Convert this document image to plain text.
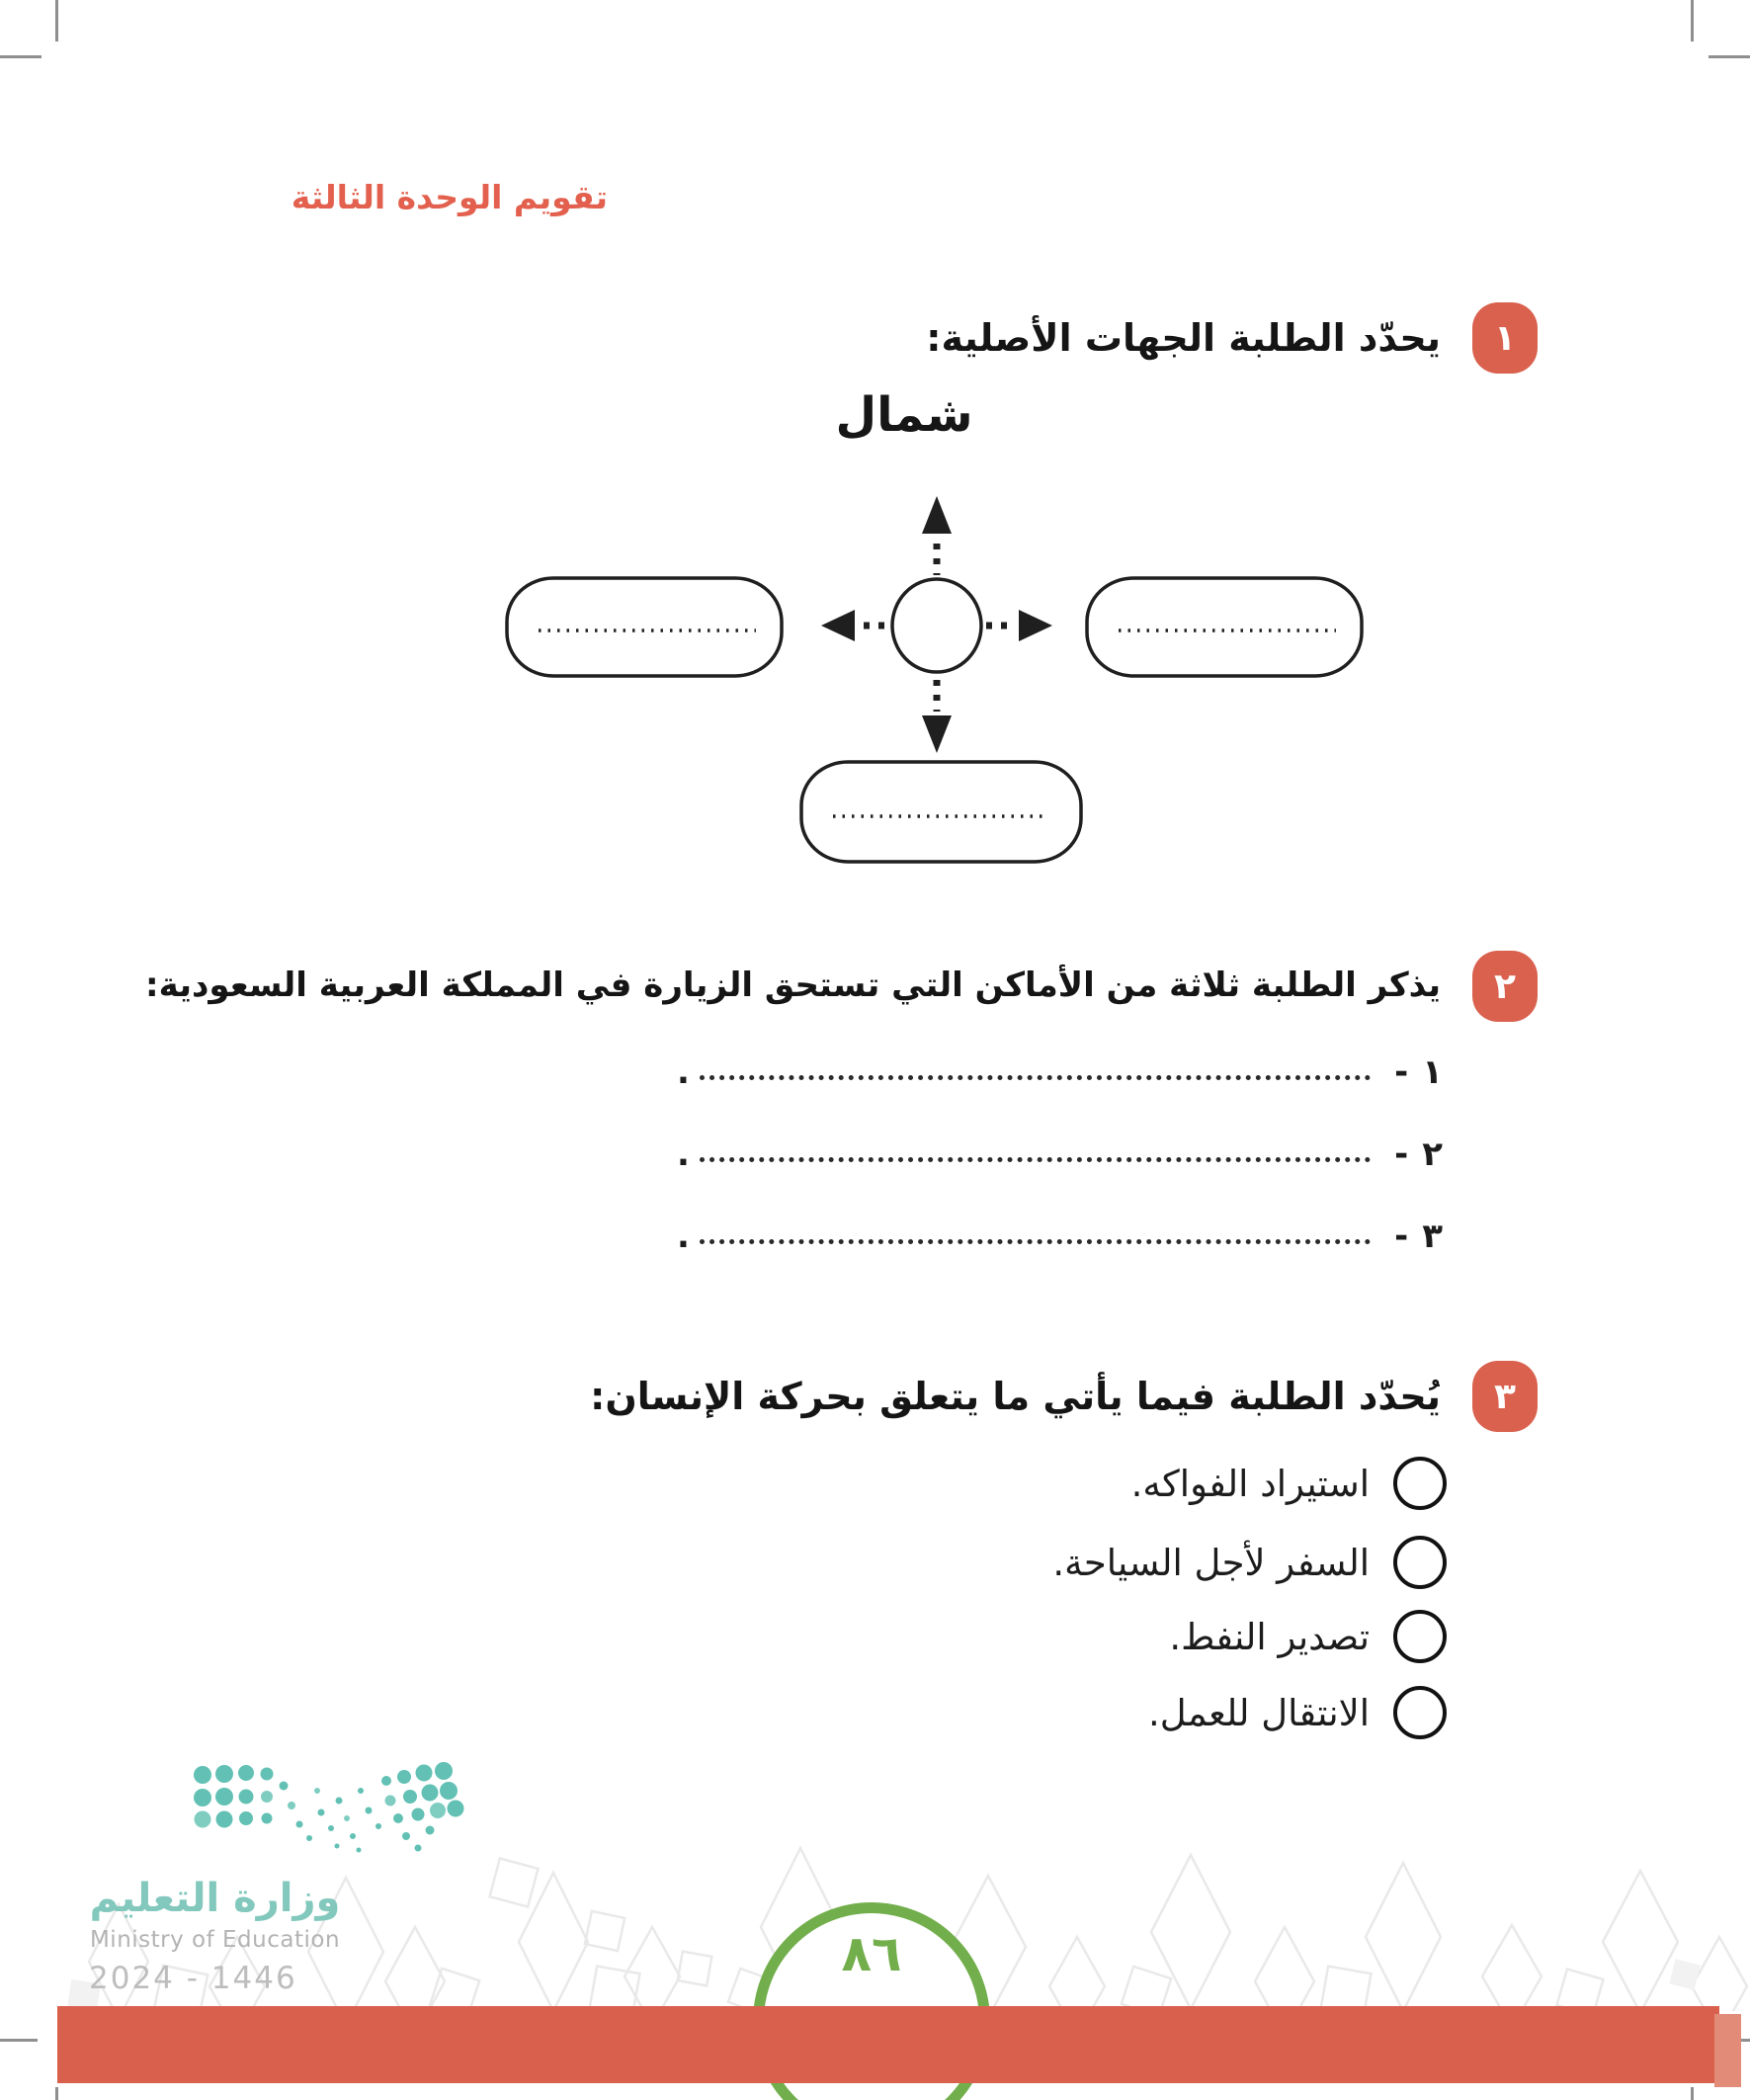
تقويم الوحدة الثالثة
١
يحدّد الطلبة الجهات الأصلية:
شمال
٢
يذكر الطلبة ثلاثة من الأماكن التي تستحق الزيارة في المملكة العربية السعودية:
١
-
.
٢
-
.
٣
-
.
٣
يُحدّد الطلبة فيما يأتي ما يتعلق بحركة الإنسان:
استيراد الفواكه.
السفر لأجل السياحة.
تصدير النفط.
الانتقال للعمل.
وزارة التعليم
Ministry of Education
2024 - 1446	٨٦
